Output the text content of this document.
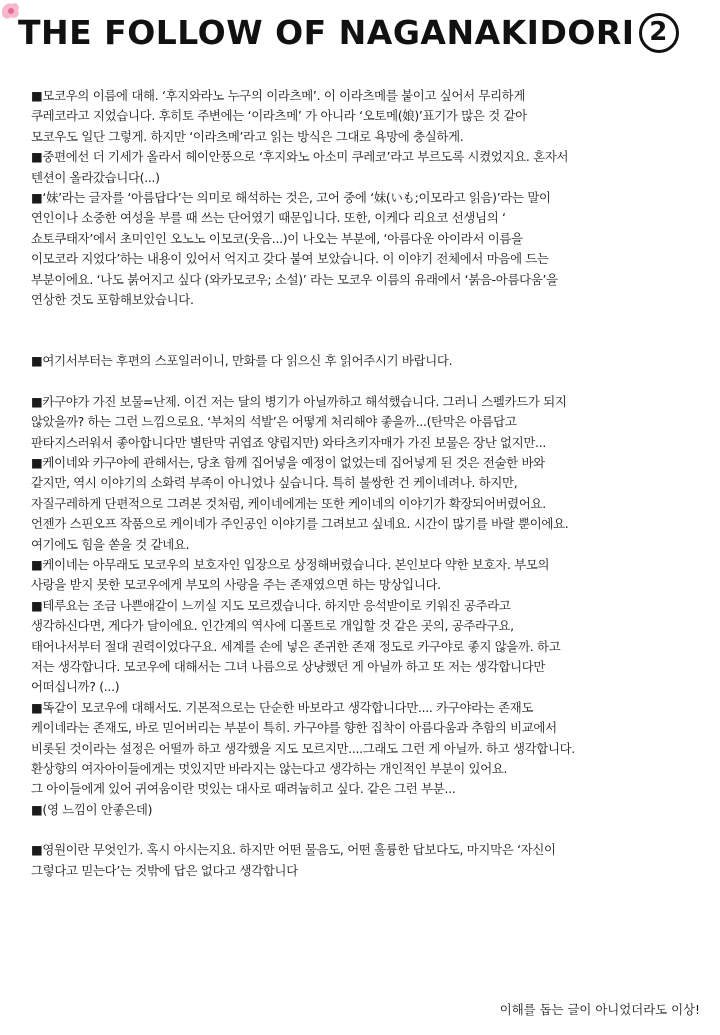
THE FOLLOW OF NAGANAKIDORI 2
■모코우의 이름에 대해. ‘후지와라노 누구의 이라츠메’. 이 이라츠메를 붙이고 싶어서 무리하게
쿠레코라고 지었습니다. 후히토 주변에는 ‘이라츠메’ 가 아니라 ‘오토메(娘)’표기가 많은 것 같아
모코우도 일단 그렇게. 하지만 ‘이라츠메’라고 읽는 방식은 그대로 욕망에 충실하게.
■중편에선 더 기세가 올라서 헤이안풍으로 ‘후지와노 아소미 쿠레코’라고 부르도록 시켰었지요. 혼자서
텐션이 올라갔습니다(...)
■‘妹’라는 글자를 ‘아름답다’는 의미로 해석하는 것은, 고어 중에 ‘妹(いも;이모라고 읽음)’라는 말이
연인이나 소중한 여성을 부를 때 쓰는 단어였기 때문입니다. 또한, 이케다 리요코 선생님의 ‘
쇼토쿠태자’에서 초미인인 오노노 이모코(웃음...)이 나오는 부분에, ‘아름다운 아이라서 이름을
이모코라 지었다’하는 내용이 있어서 억지고 갖다 붙여 보았습니다. 이 이야기 전체에서 마음에 드는
부분이에요. ‘나도 붉어지고 싶다 (와카모코우; 소설)’ 라는 모코우 이름의 유래에서 ‘붉음-아름다움’을
연상한 것도 포함해보았습니다.
■여기서부터는 후편의 스포일러이니, 만화를 다 읽으신 후 읽어주시기 바랍니다.
■카구야가 가진 보물=난제. 이건 저는 달의 병기가 아닐까하고 해석했습니다. 그러니 스펠카드가 되지
않았을까? 하는 그런 느낌으로요. ‘부처의 석발’은 어떻게 처리해야 좋을까...(탄막은 아름답고
판타지스러워서 좋아합니다만 별탄막 귀엽죠 양립지만) 와타츠키자매가 가진 보물은 장난 없지만...
■케이네와 카구야에 관해서는, 당초 함께 집어넣을 예정이 없었는데 집어넣게 된 것은 전술한 바와
같지만, 역시 이야기의 소화력 부족이 아니었나 싶습니다. 특히 불쌍한 건 케이네려나. 하지만,
자질구레하게 단편적으로 그려본 것처럼, 케이네에게는 또한 케이네의 이야기가 확장되어버렸어요.
언젠가 스핀오프 작품으로 케이네가 주인공인 이야기를 그려보고 싶네요. 시간이 많기를 바랄 뿐이에요.
여기에도 힘을 쏟을 것 같네요.
■케이네는 아무래도 모코우의 보호자인 입장으로 상정해버렸습니다. 본인보다 약한 보호자. 부모의
사랑을 받지 못한 모코우에게 부모의 사랑을 주는 존재였으면 하는 망상입니다.
■테루요는 조금 나쁜애같이 느끼실 지도 모르겠습니다. 하지만 응석받이로 키워진 공주라고
생각하신다면, 게다가 달이에요. 인간계의 역사에 디폴트로 개입할 것 같은 곳의, 공주라구요,
태어나서부터 절대 권력이었다구요. 세계를 손에 넣은 존귀한 존재 정도로 카구야로 좋지 않을까. 하고
저는 생각합니다. 모코우에 대해서는 그녀 나름으로 상냥했던 게 아닐까 하고 또 저는 생각합니다만
어떠십니까? (...)
■똑같이 모코우에 대해서도. 기본적으로는 단순한 바보라고 생각합니다만.... 카구야라는 존재도
케이네라는 존재도, 바로 믿어버리는 부분이 특히. 카구야를 향한 집착이 아름다움과 추함의 비교에서
비롯된 것이라는 설정은 어떨까 하고 생각했을 지도 모르지만....그래도 그런 게 아닐까. 하고 생각합니다.
환상향의 여자아이들에게는 멋있지만 바라지는 않는다고 생각하는 개인적인 부분이 있어요.
그 아이들에게 있어 귀여움이란 멋있는 대사로 때려눕히고 싶다. 같은 그런 부분...
■(영 느낌이 안좋은데)
■영원이란 무엇인가. 혹시 아시는지요. 하지만 어떤 물음도, 어떤 훌륭한 답보다도, 마지막은 ‘자신이
그렇다고 믿는다’는 것밖에 답은 없다고 생각합니다
이해를 돕는 글이 아니었더라도 이상!
